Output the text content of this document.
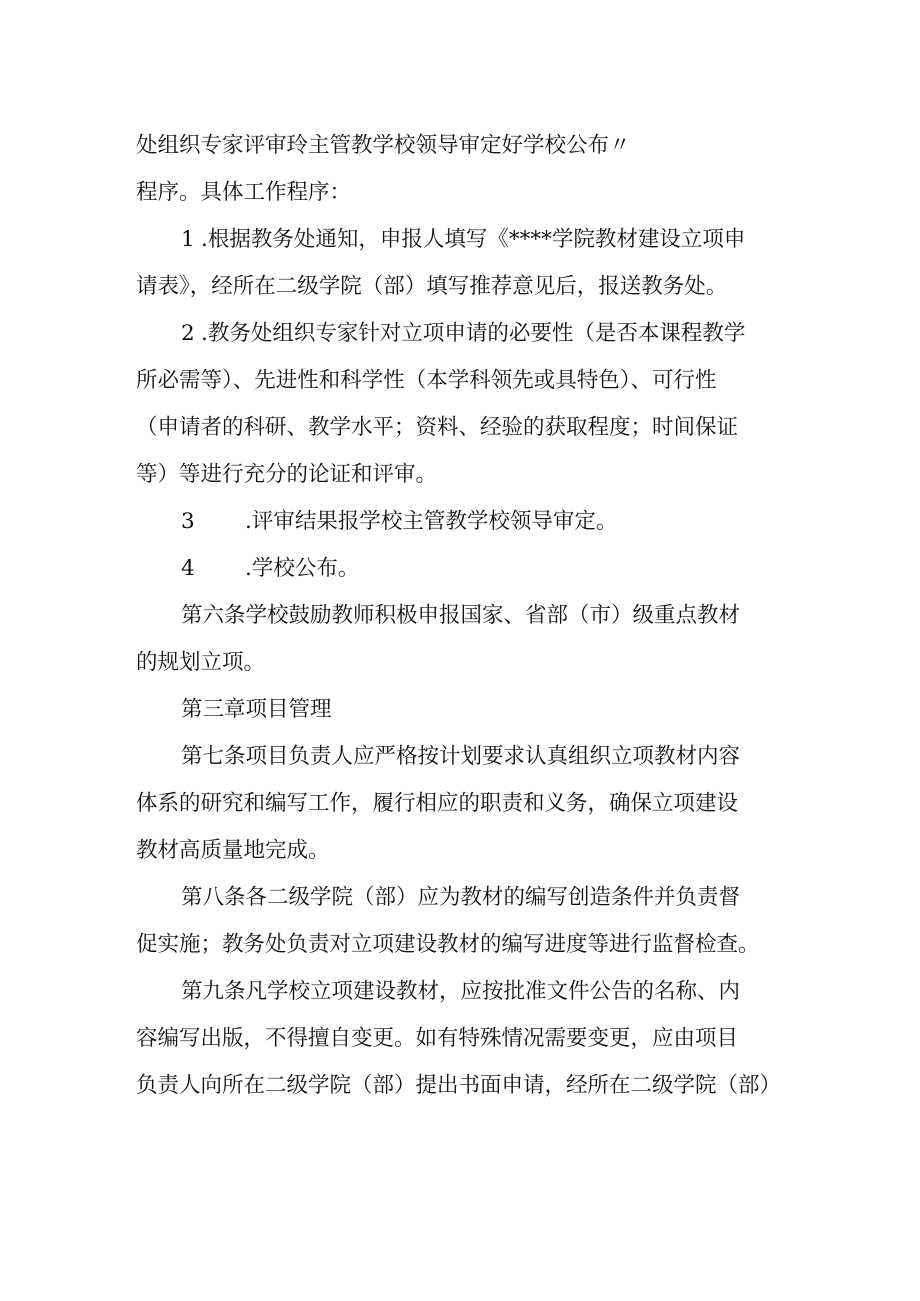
处组织专家评审玲主管教学校领导审定好学校公布〃
程序。具体工作程序：
1 .根据教务处通知，申报人填写《****学院教材建设立项申
请表》，经所在二级学院（部）填写推荐意见后，报送教务处。
2 .教务处组织专家针对立项申请的必要性（是否本课程教学
所必需等）、先进性和科学性（本学科领先或具特色）、可行性
（申请者的科研、教学水平；资料、经验的获取程度；时间保证
等）等进行充分的论证和评审。
3 .评审结果报学校主管教学校领导审定。
4 .学校公布。
第六条学校鼓励教师积极申报国家、省部（市）级重点教材
的规划立项。
第三章项目管理
第七条项目负责人应严格按计划要求认真组织立项教材内容
体系的研究和编写工作，履行相应的职责和义务，确保立项建设
教材高质量地完成。
第八条各二级学院（部）应为教材的编写创造条件并负责督
促实施；教务处负责对立项建设教材的编写进度等进行监督检查。
第九条凡学校立项建设教材，应按批准文件公告的名称、内
容编写出版，不得擅自变更。如有特殊情况需要变更，应由项目
负责人向所在二级学院（部）提出书面申请，经所在二级学院（部）
